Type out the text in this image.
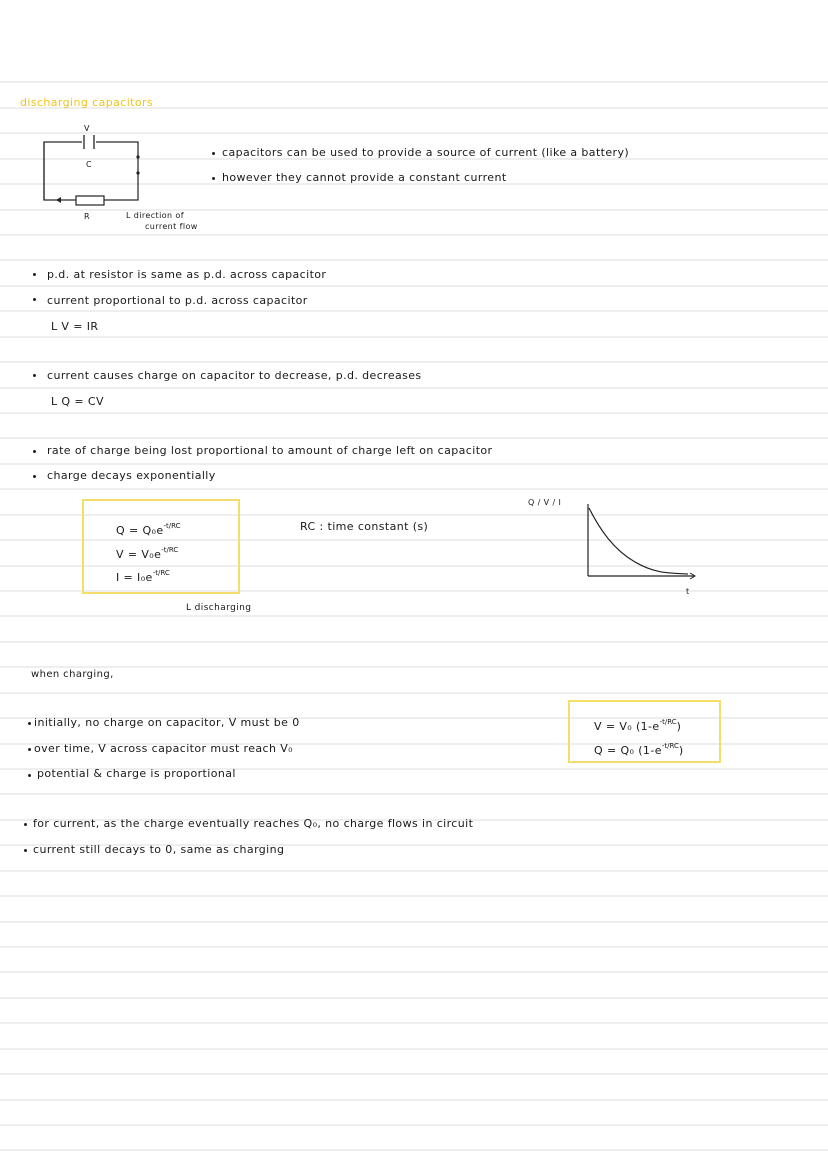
discharging capacitors
V
C
R	L direction of
current flow
capacitors can be used to provide a source of current (like a battery)
however they cannot provide a constant current
p.d. at resistor is same as p.d. across capacitor
current proportional to p.d. across capacitor
L V = IR
current causes charge on capacitor to decrease, p.d. decreases
L Q = CV
rate of charge being lost proportional to amount of charge left on capacitor
charge decays exponentially
$Q = Q_0e^{-t/RC}$
$V = V_0e^{-t/RC}$
$I = I_0e^{-t/RC}$
L discharging
RC : time constant (s)
Q / V / I
t
when charging,
initially, no charge on capacitor, V must be 0
over time, V across capacitor must reach V₀
potential & charge is proportional
V = V₀ $(1-e^{-t/RC})$
Q = Q₀ $(1-e^{-t/RC})$
for current, as the charge eventually reaches Q₀, no charge flows in circuit
current still decays to 0, same as charging
